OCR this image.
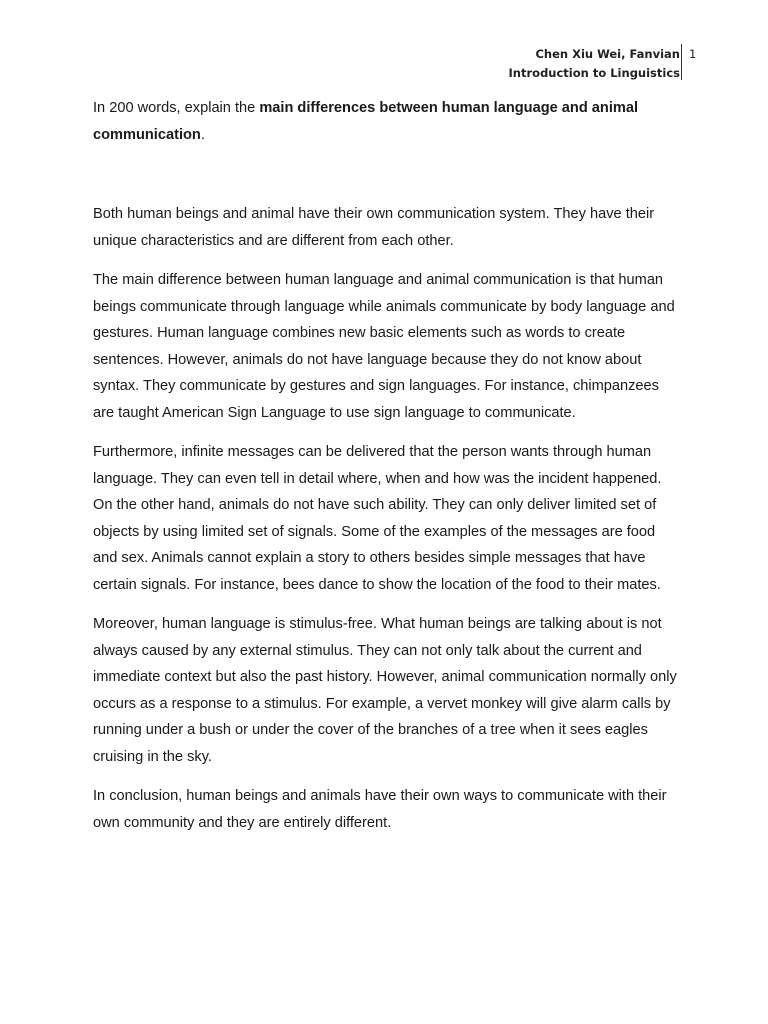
Chen Xiu Wei, Fanvian
Introduction to Linguistics
1

In 200 words, explain the main differences between human language and animal communication.

Both human beings and animal have their own communication system. They have their unique characteristics and are different from each other.

The main difference between human language and animal communication is that human beings communicate through language while animals communicate by body language and gestures. Human language combines new basic elements such as words to create sentences. However, animals do not have language because they do not know about syntax. They communicate by gestures and sign languages. For instance, chimpanzees are taught American Sign Language to use sign language to communicate.

Furthermore, infinite messages can be delivered that the person wants through human language. They can even tell in detail where, when and how was the incident happened. On the other hand, animals do not have such ability. They can only deliver limited set of objects by using limited set of signals. Some of the examples of the messages are food and sex. Animals cannot explain a story to others besides simple messages that have certain signals. For instance, bees dance to show the location of the food to their mates.

Moreover, human language is stimulus-free. What human beings are talking about is not always caused by any external stimulus. They can not only talk about the current and immediate context but also the past history. However, animal communication normally only occurs as a response to a stimulus. For example, a vervet monkey will give alarm calls by running under a bush or under the cover of the branches of a tree when it sees eagles cruising in the sky.

In conclusion, human beings and animals have their own ways to communicate with their own community and they are entirely different.
